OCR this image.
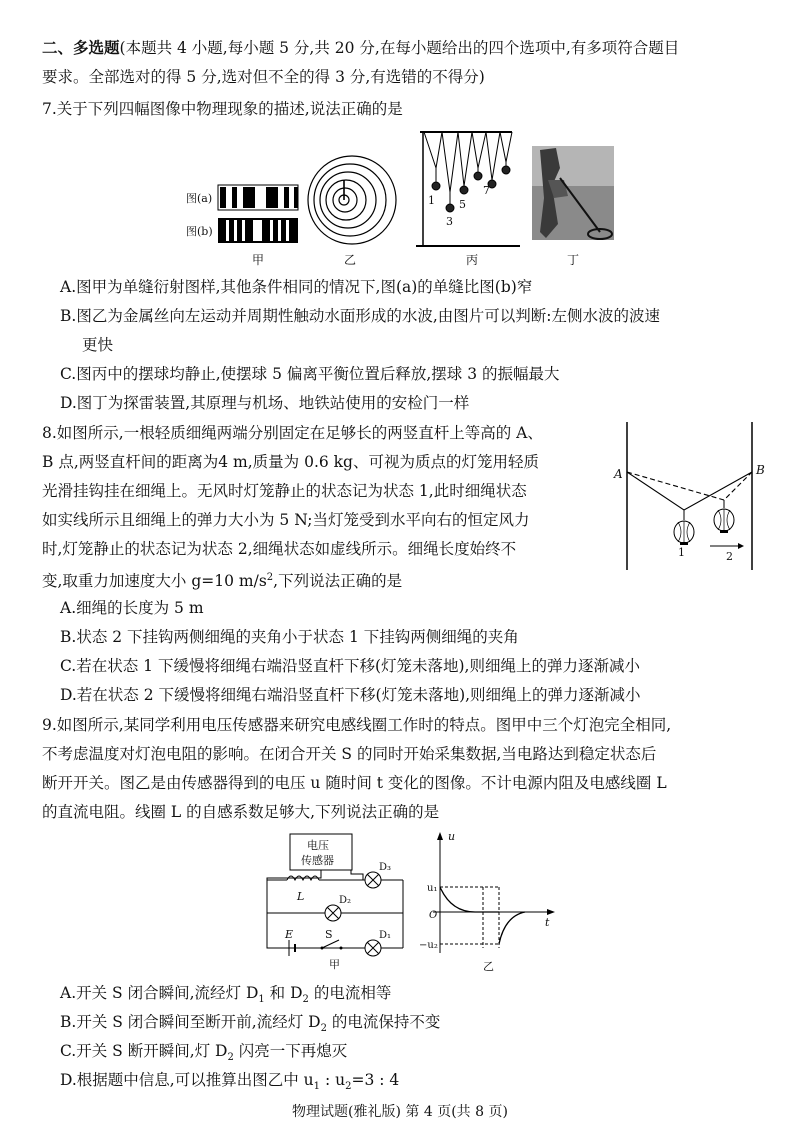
二、多选题(本题共 4 小题,每小题 5 分,共 20 分,在每小题给出的四个选项中,有多项符合题目
要求。全部选对的得 5 分,选对但不全的得 3 分,有选错的不得分)
7.关于下列四幅图像中物理现象的描述,说法正确的是
图(a)
图(b)
甲	乙
1
3
5
7
丙	丁
A.图甲为单缝衍射图样,其他条件相同的情况下,图(a)的单缝比图(b)窄
B.图乙为金属丝向左运动并周期性触动水面形成的水波,由图片可以判断:左侧水波的波速
更快
C.图丙中的摆球均静止,使摆球 5 偏离平衡位置后释放,摆球 3 的振幅最大
D.图丁为探雷装置,其原理与机场、地铁站使用的安检门一样
8.如图所示,一根轻质细绳两端分别固定在足够长的两竖直杆上等高的 A、
B 点,两竖直杆间的距离为4 m,质量为 0.6 kg、可视为质点的灯笼用轻质
光滑挂钩挂在细绳上。无风时灯笼静止的状态记为状态 1,此时细绳状态
如实线所示且细绳上的弹力大小为 5 N;当灯笼受到水平向右的恒定风力
时,灯笼静止的状态记为状态 2,细绳状态如虚线所示。细绳长度始终不
变,取重力加速度大小 g=10 $m/s^2$,下列说法正确的是
A	B
1	2
A.细绳的长度为 5 m
B.状态 2 下挂钩两侧细绳的夹角小于状态 1 下挂钩两侧细绳的夹角
C.若在状态 1 下缓慢将细绳右端沿竖直杆下移(灯笼未落地),则细绳上的弹力逐渐减小
D.若在状态 2 下缓慢将细绳右端沿竖直杆下移(灯笼未落地),则细绳上的弹力逐渐减小
9.如图所示,某同学利用电压传感器来研究电感线圈工作时的特点。图甲中三个灯泡完全相同,
不考虑温度对灯泡电阻的影响。在闭合开关 S 的同时开始采集数据,当电路达到稳定状态后
断开开关。图乙是由传感器得到的电压 u 随时间 t 变化的图像。不计电源内阻及电感线圈 L
的直流电阻。线圈 L 的自感系数足够大,下列说法正确的是
电压
传感器
L
D₃
D₂
E	S	D₁
甲
u
t
u₁
O
−u₂
乙
A.开关 S 闭合瞬间,流经灯 $D_1$ 和 $D_2$ 的电流相等
B.开关 S 闭合瞬间至断开前,流经灯 $D_2$ 的电流保持不变
C.开关 S 断开瞬间,灯 $D_2$ 闪亮一下再熄灭
D.根据题中信息,可以推算出图乙中 $u_1$ : $u_2=3$ : 4
物理试题(雅礼版) 第 4 页(共 8 页)
